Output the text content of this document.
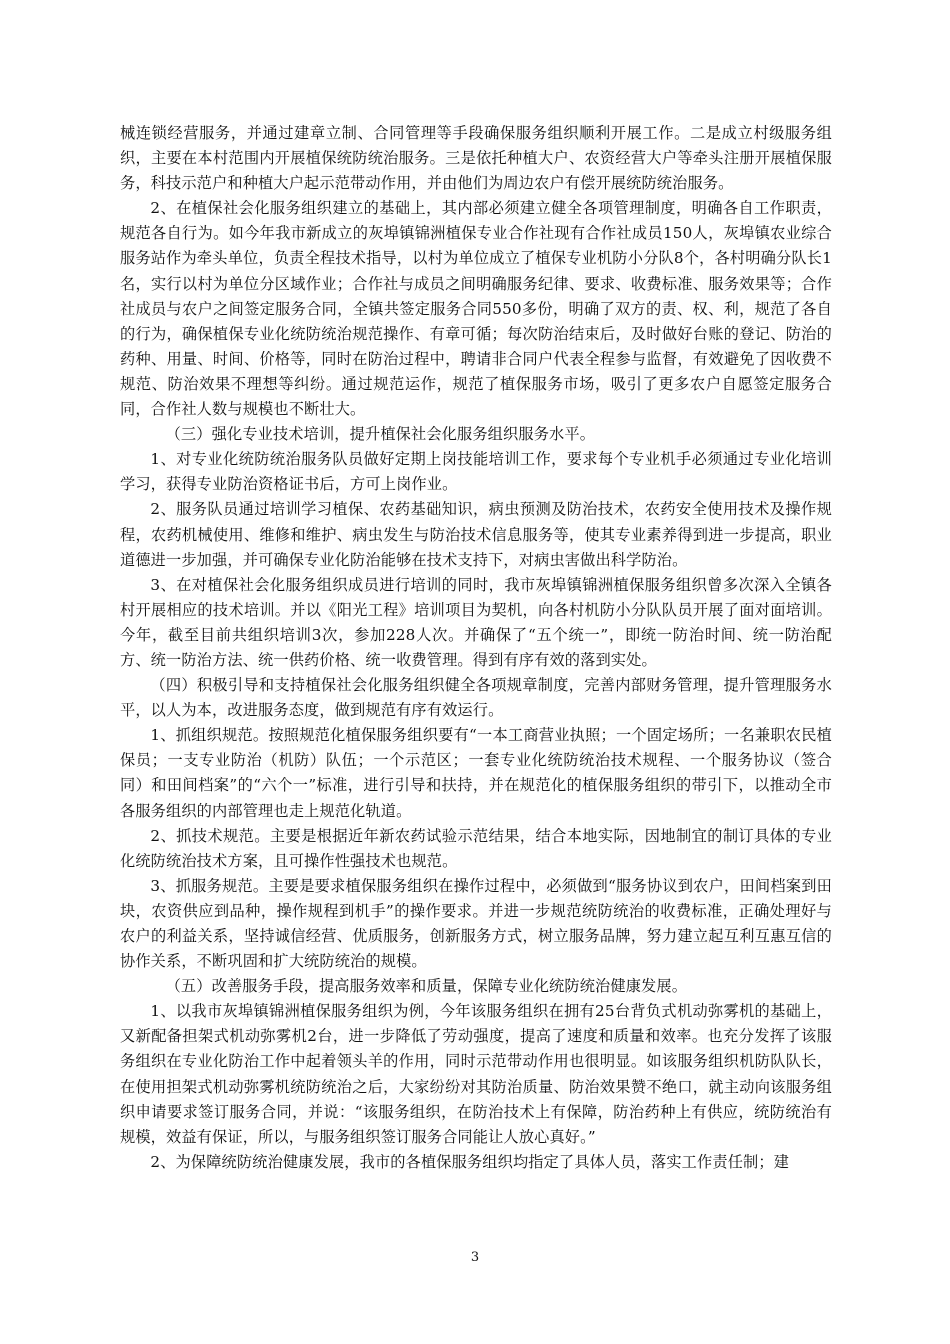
械连锁经营服务，并通过建章立制、合同管理等手段确保服务组织顺利开展工作。二是成立村级服务组织，主要在本村范围内开展植保统防统治服务。三是依托种植大户、农资经营大户等牵头注册开展植保服务，科技示范户和种植大户起示范带动作用，并由他们为周边农户有偿开展统防统治服务。

2、在植保社会化服务组织建立的基础上，其内部必须建立健全各项管理制度，明确各自工作职责，规范各自行为。如今年我市新成立的灰埠镇锦洲植保专业合作社现有合作社成员150人，灰埠镇农业综合服务站作为牵头单位，负责全程技术指导，以村为单位成立了植保专业机防小分队8个，各村明确分队长1名，实行以村为单位分区域作业；合作社与成员之间明确服务纪律、要求、收费标准、服务效果等；合作社成员与农户之间签定服务合同，全镇共签定服务合同550多份，明确了双方的责、权、利，规范了各自的行为，确保植保专业化统防统治规范操作、有章可循；每次防治结束后，及时做好台账的登记、防治的药种、用量、时间、价格等，同时在防治过程中，聘请非合同户代表全程参与监督，有效避免了因收费不规范、防治效果不理想等纠纷。通过规范运作，规范了植保服务市场，吸引了更多农户自愿签定服务合同，合作社人数与规模也不断壮大。

（三）强化专业技术培训，提升植保社会化服务组织服务水平。

1、对专业化统防统治服务队员做好定期上岗技能培训工作，要求每个专业机手必须通过专业化培训学习，获得专业防治资格证书后，方可上岗作业。

2、服务队员通过培训学习植保、农药基础知识，病虫预测及防治技术，农药安全使用技术及操作规程，农药机械使用、维修和维护、病虫发生与防治技术信息服务等，使其专业素养得到进一步提高，职业道德进一步加强，并可确保专业化防治能够在技术支持下，对病虫害做出科学防治。

3、在对植保社会化服务组织成员进行培训的同时，我市灰埠镇锦洲植保服务组织曾多次深入全镇各村开展相应的技术培训。并以《阳光工程》培训项目为契机，向各村机防小分队队员开展了面对面培训。今年，截至目前共组织培训3次，参加228人次。并确保了“五个统一”，即统一防治时间、统一防治配方、统一防治方法、统一供药价格、统一收费管理。得到有序有效的落到实处。

（四）积极引导和支持植保社会化服务组织健全各项规章制度，完善内部财务管理，提升管理服务水平，以人为本，改进服务态度，做到规范有序有效运行。

1、抓组织规范。按照规范化植保服务组织要有“一本工商营业执照；一个固定场所；一名兼职农民植保员；一支专业防治（机防）队伍；一个示范区；一套专业化统防统治技术规程、一个服务协议（签合同）和田间档案”的“六个一”标准，进行引导和扶持，并在规范化的植保服务组织的带引下，以推动全市各服务组织的内部管理也走上规范化轨道。

2、抓技术规范。主要是根据近年新农药试验示范结果，结合本地实际，因地制宜的制订具体的专业化统防统治技术方案，且可操作性强技术也规范。

3、抓服务规范。主要是要求植保服务组织在操作过程中，必须做到“服务协议到农户，田间档案到田块，农资供应到品种，操作规程到机手”的操作要求。并进一步规范统防统治的收费标准，正确处理好与农户的利益关系，坚持诚信经营、优质服务，创新服务方式，树立服务品牌，努力建立起互利互惠互信的协作关系，不断巩固和扩大统防统治的规模。

（五）改善服务手段，提高服务效率和质量，保障专业化统防统治健康发展。

1、以我市灰埠镇锦洲植保服务组织为例，今年该服务组织在拥有25台背负式机动弥雾机的基础上，又新配备担架式机动弥雾机2台，进一步降低了劳动强度，提高了速度和质量和效率。也充分发挥了该服务组织在专业化防治工作中起着领头羊的作用，同时示范带动作用也很明显。如该服务组织机防队队长，在使用担架式机动弥雾机统防统治之后，大家纷纷对其防治质量、防治效果赞不绝口，就主动向该服务组织申请要求签订服务合同，并说：“该服务组织，在防治技术上有保障，防治药种上有供应，统防统治有规模，效益有保证，所以，与服务组织签订服务合同能让人放心真好。”

2、为保障统防统治健康发展，我市的各植保服务组织均指定了具体人员，落实工作责任制；建

3
